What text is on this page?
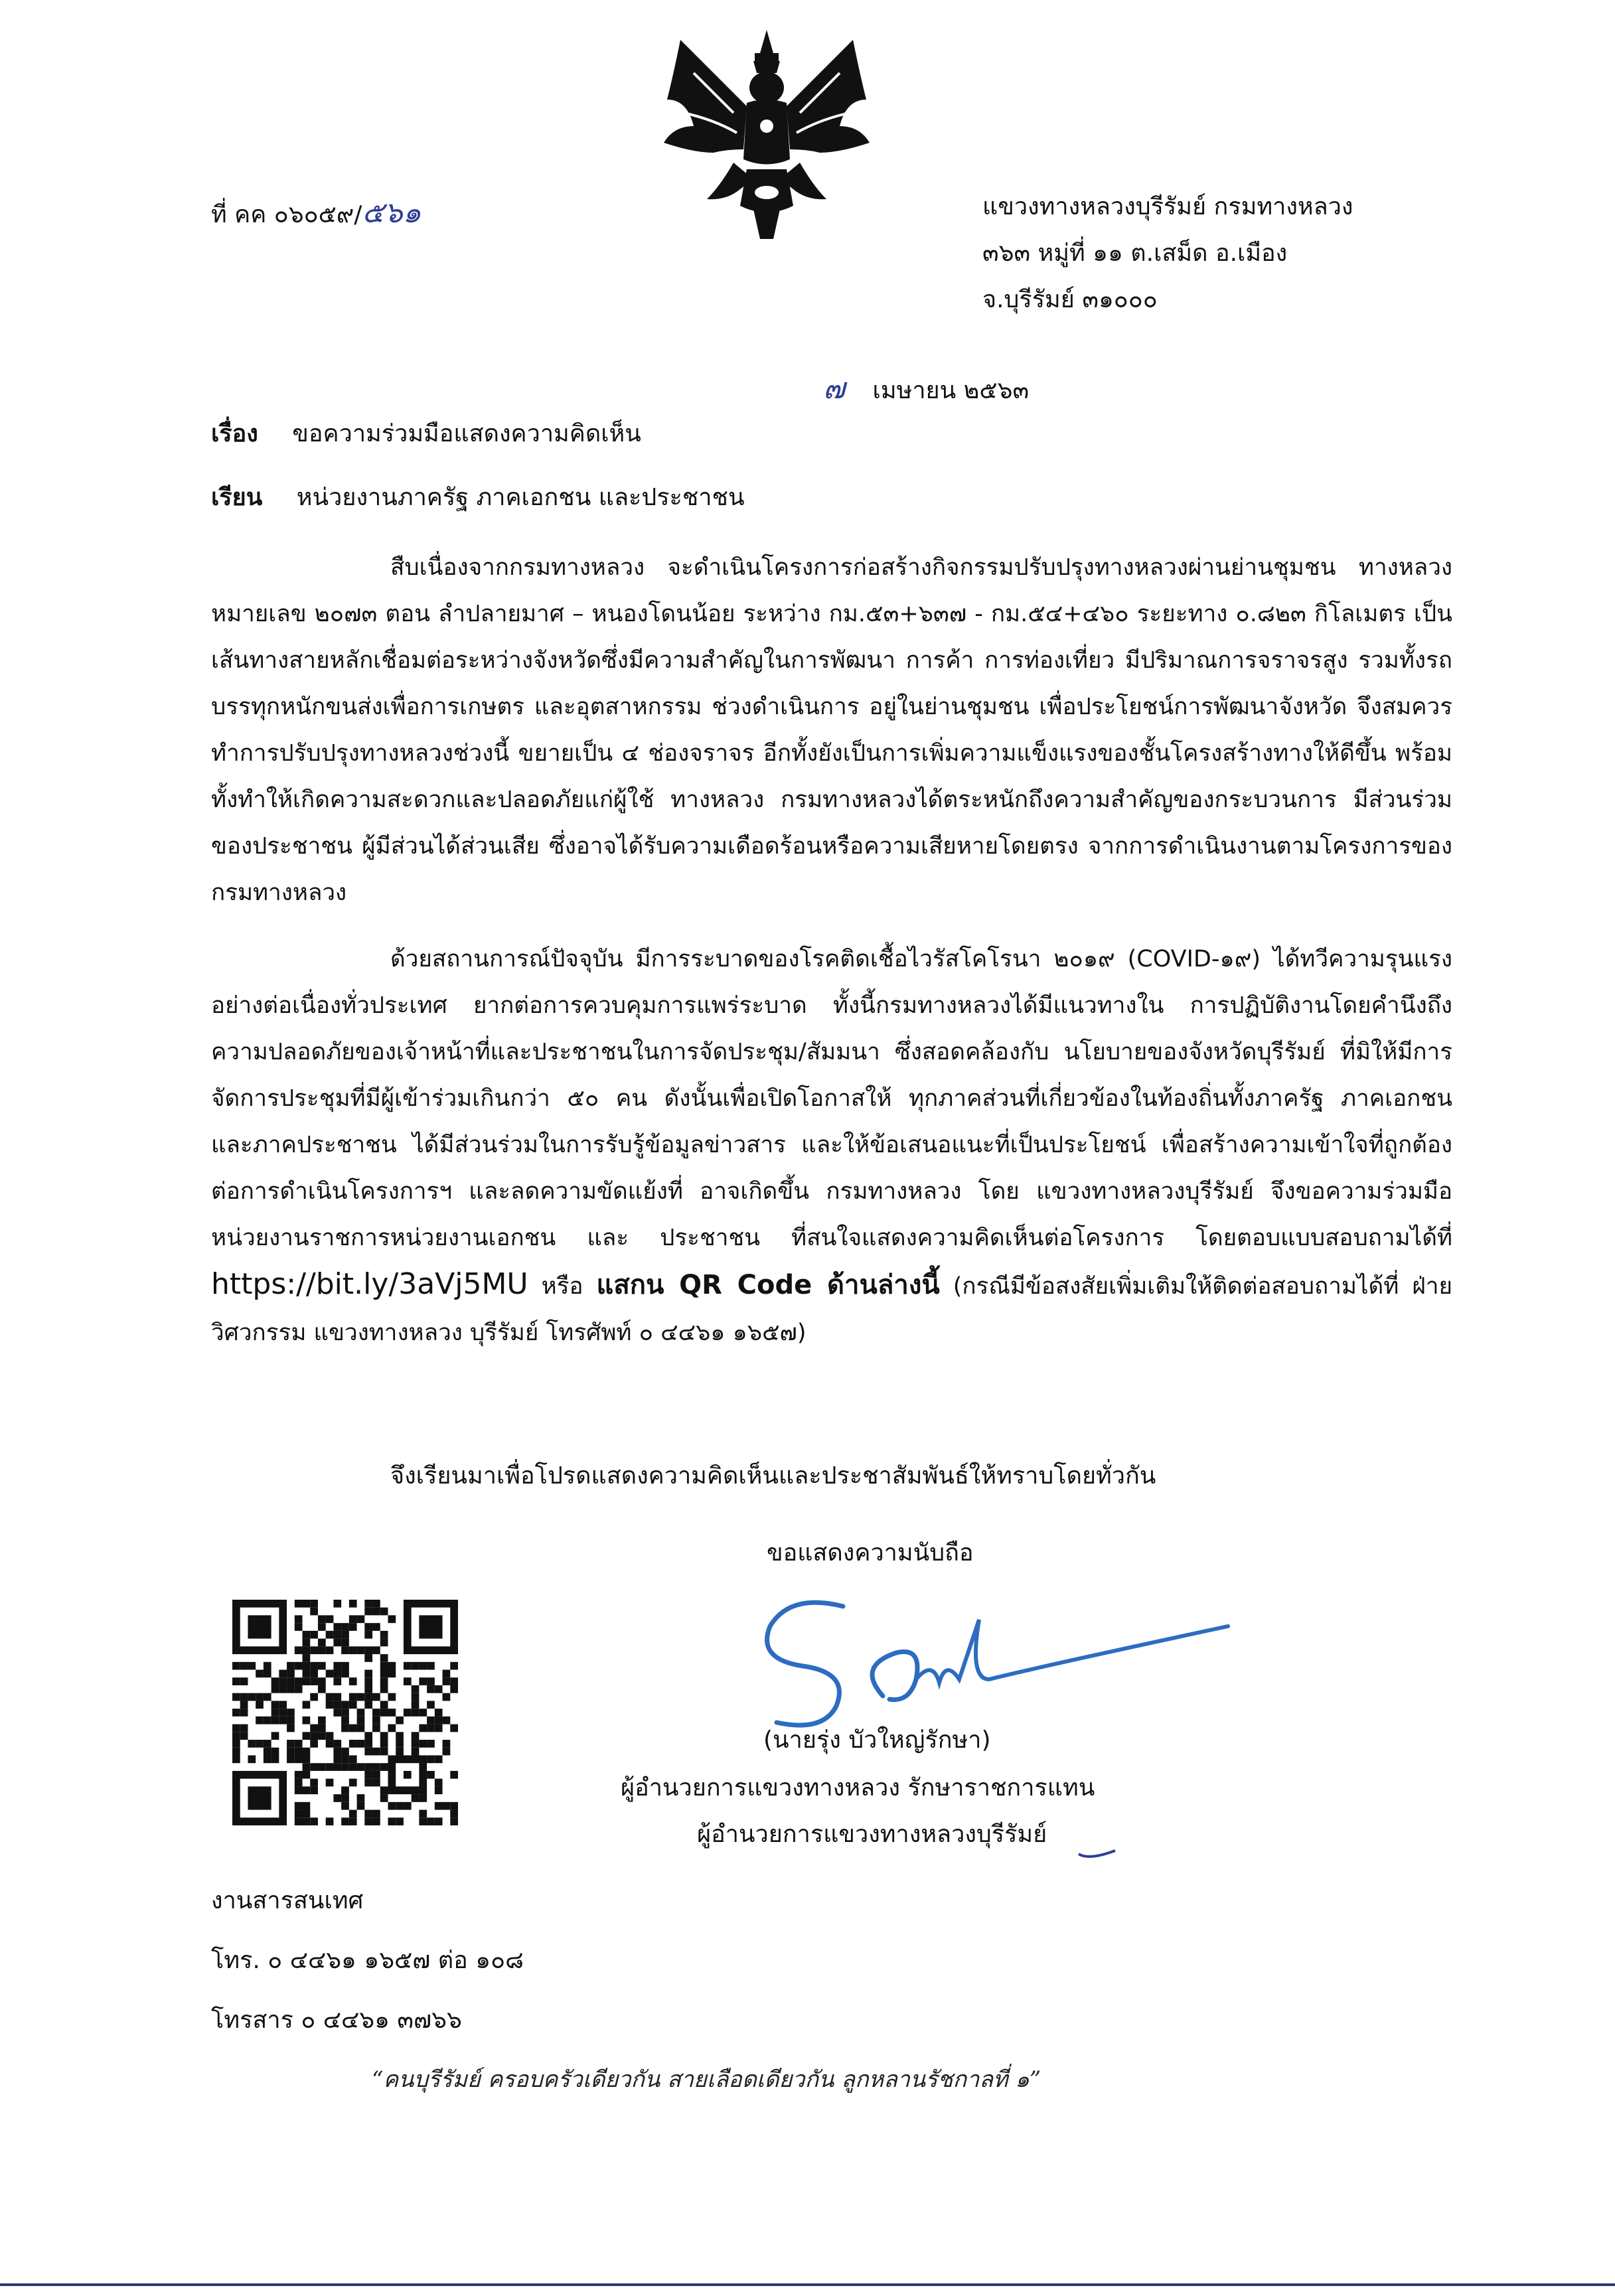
ที่ คค ๐๖๐๕๙/๕๖๑	แขวงทางหลวงบุรีรัมย์ กรมทางหลวง
๓๖๓ หมู่ที่ ๑๑ ต.เสม็ด อ.เมือง
จ.บุรีรัมย์ ๓๑๐๐๐
๗ เมษายน ๒๕๖๓
เรื่อง ขอความร่วมมือแสดงความคิดเห็น
เรียน หน่วยงานภาครัฐ ภาคเอกชน และประชาชน
สืบเนื่องจากกรมทางหลวง จะดำเนินโครงการก่อสร้างกิจกรรมปรับปรุงทางหลวงผ่านย่านชุมชน ทางหลวงหมายเลข ๒๐๗๓ ตอน ลำปลายมาศ – หนองโดนน้อย ระหว่าง กม.๕๓+๖๓๗ - กม.๕๔+๔๖๐ ระยะทาง ๐.๘๒๓ กิโลเมตร เป็นเส้นทางสายหลักเชื่อมต่อระหว่างจังหวัดซึ่งมีความสำคัญในการพัฒนา การค้า การท่องเที่ยว มีปริมาณการจราจรสูง รวมทั้งรถบรรทุกหนักขนส่งเพื่อการเกษตร และอุตสาหกรรม ช่วงดำเนินการ อยู่ในย่านชุมชน เพื่อประโยชน์การพัฒนาจังหวัด จึงสมควรทำการปรับปรุงทางหลวงช่วงนี้ ขยายเป็น ๔ ช่องจราจร อีกทั้งยังเป็นการเพิ่มความแข็งแรงของชั้นโครงสร้างทางให้ดีขึ้น พร้อมทั้งทำให้เกิดความสะดวกและปลอดภัยแก่ผู้ใช้ ทางหลวง กรมทางหลวงได้ตระหนักถึงความสำคัญของกระบวนการ มีส่วนร่วมของประชาชน ผู้มีส่วนได้ส่วนเสีย ซึ่งอาจได้รับความเดือดร้อนหรือความเสียหายโดยตรง จากการดำเนินงานตามโครงการของกรมทางหลวง
ด้วยสถานการณ์ปัจจุบัน มีการระบาดของโรคติดเชื้อไวรัสโคโรนา ๒๐๑๙ (COVID-๑๙) ได้ทวีความรุนแรงอย่างต่อเนื่องทั่วประเทศ ยากต่อการควบคุมการแพร่ระบาด ทั้งนี้กรมทางหลวงได้มีแนวทางใน การปฏิบัติงานโดยคำนึงถึงความปลอดภัยของเจ้าหน้าที่และประชาชนในการจัดประชุม/สัมมนา ซึ่งสอดคล้องกับ นโยบายของจังหวัดบุรีรัมย์ ที่มิให้มีการจัดการประชุมที่มีผู้เข้าร่วมเกินกว่า ๕๐ คน ดังนั้นเพื่อเปิดโอกาสให้ ทุกภาคส่วนที่เกี่ยวข้องในท้องถิ่นทั้งภาครัฐ ภาคเอกชน และภาคประชาชน ได้มีส่วนร่วมในการรับรู้ข้อมูลข่าวสาร และให้ข้อเสนอแนะที่เป็นประโยชน์ เพื่อสร้างความเข้าใจที่ถูกต้องต่อการดำเนินโครงการฯ และลดความขัดแย้งที่ อาจเกิดขึ้น กรมทางหลวง โดย แขวงทางหลวงบุรีรัมย์ จึงขอความร่วมมือหน่วยงานราชการหน่วยงานเอกชน และ ประชาชน ที่สนใจแสดงความคิดเห็นต่อโครงการ โดยตอบแบบสอบถามได้ที่ https://bit.ly/3aVj5MU หรือ แสกน QR Code ด้านล่างนี้ (กรณีมีข้อสงสัยเพิ่มเติมให้ติดต่อสอบถามได้ที่ ฝ่ายวิศวกรรม แขวงทางหลวง บุรีรัมย์ โทรศัพท์ ๐ ๔๔๖๑ ๑๖๕๗)
จึงเรียนมาเพื่อโปรดแสดงความคิดเห็นและประชาสัมพันธ์ให้ทราบโดยทั่วกัน
ขอแสดงความนับถือ
(นายรุ่ง บัวใหญ่รักษา)
ผู้อำนวยการแขวงทางหลวง รักษาราชการแทน
ผู้อำนวยการแขวงทางหลวงบุรีรัมย์
งานสารสนเทศ
โทร. ๐ ๔๔๖๑ ๑๖๕๗ ต่อ ๑๐๘
โทรสาร ๐ ๔๔๖๑ ๓๗๖๖
“คนบุรีรัมย์ ครอบครัวเดียวกัน สายเลือดเดียวกัน ลูกหลานรัชกาลที่ ๑”
